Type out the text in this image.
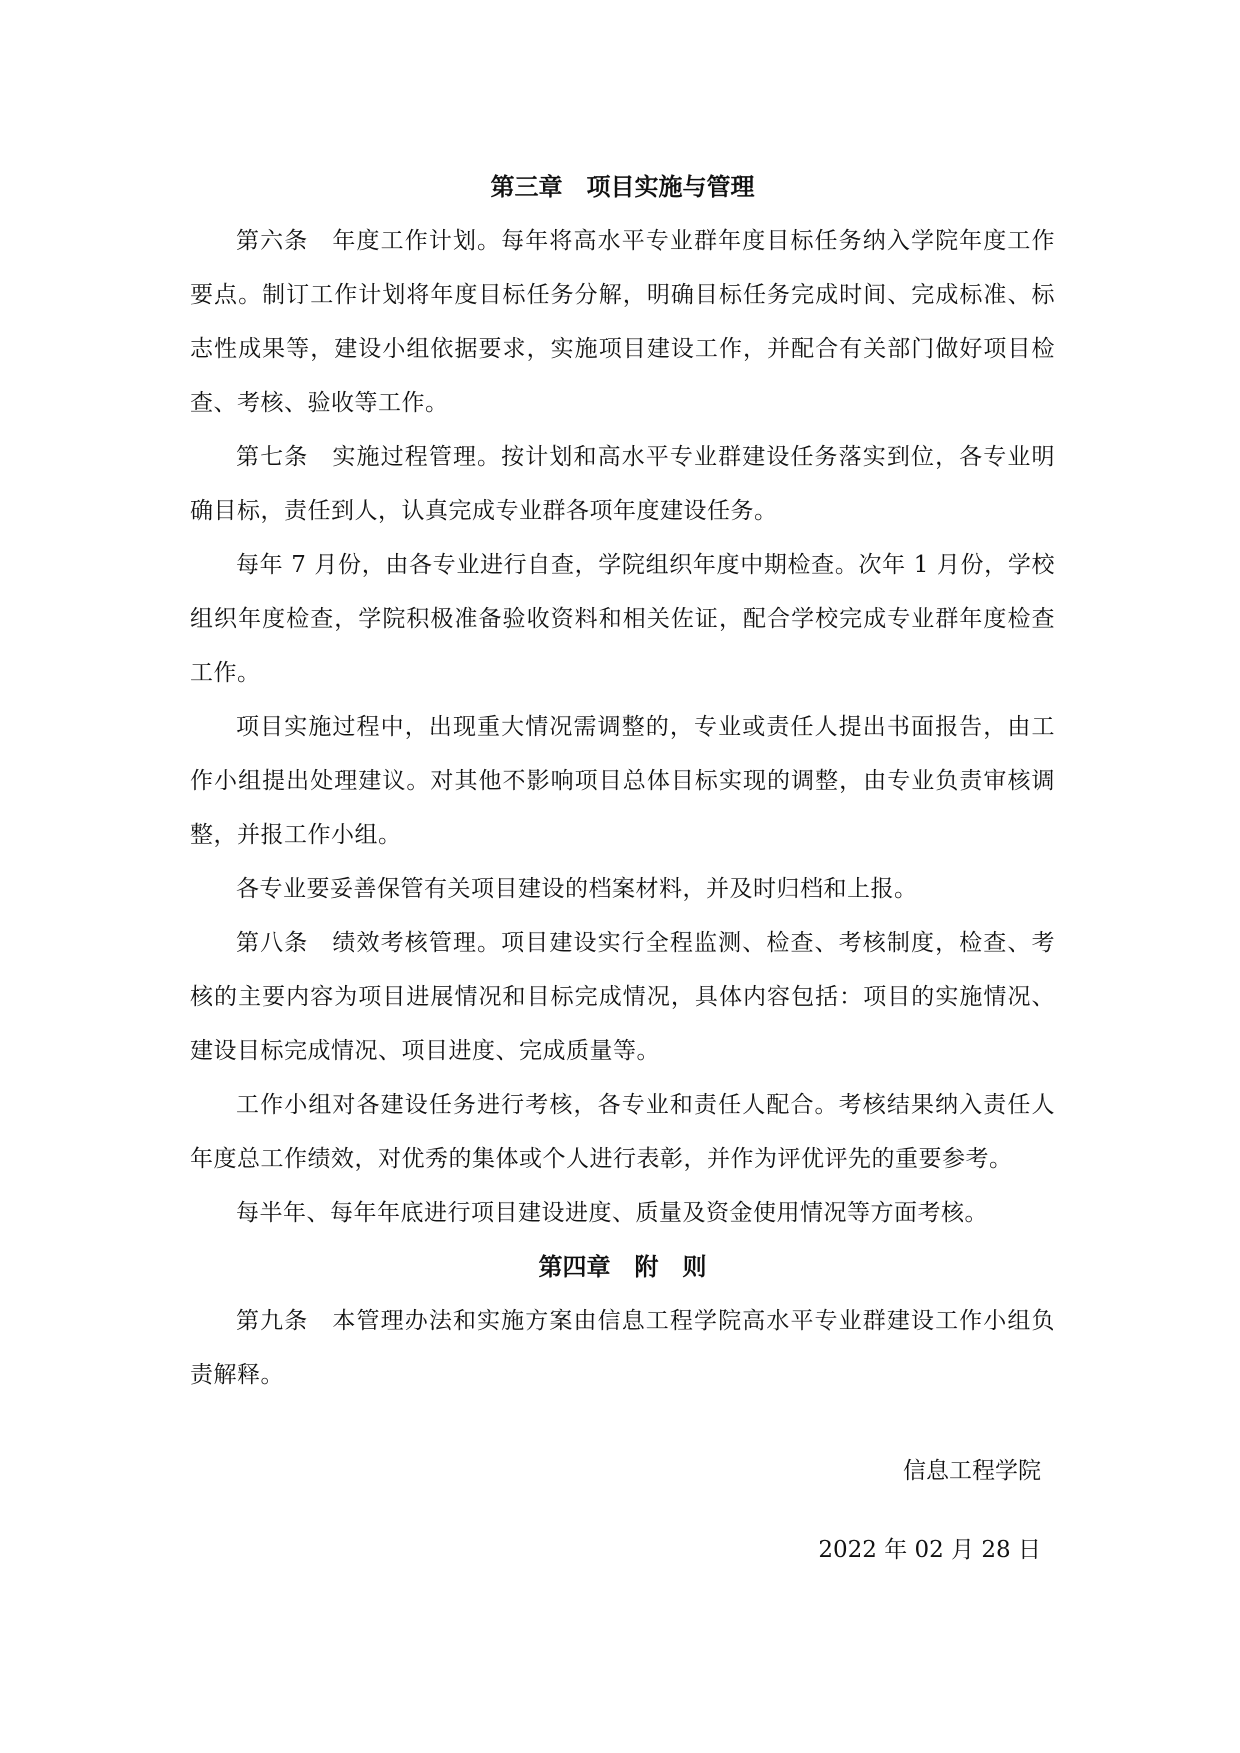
第三章　项目实施与管理

第六条　年度工作计划。每年将高水平专业群年度目标任务纳入学院年度工作要点。制订工作计划将年度目标任务分解，明确目标任务完成时间、完成标准、标志性成果等，建设小组依据要求，实施项目建设工作，并配合有关部门做好项目检查、考核、验收等工作。

第七条　实施过程管理。按计划和高水平专业群建设任务落实到位，各专业明确目标，责任到人，认真完成专业群各项年度建设任务。

每年 7 月份，由各专业进行自查，学院组织年度中期检查。次年 1 月份，学校组织年度检查，学院积极准备验收资料和相关佐证，配合学校完成专业群年度检查工作。

项目实施过程中，出现重大情况需调整的，专业或责任人提出书面报告，由工作小组提出处理建议。对其他不影响项目总体目标实现的调整，由专业负责审核调整，并报工作小组。

各专业要妥善保管有关项目建设的档案材料，并及时归档和上报。

第八条　绩效考核管理。项目建设实行全程监测、检查、考核制度，检查、考核的主要内容为项目进展情况和目标完成情况，具体内容包括：项目的实施情况、建设目标完成情况、项目进度、完成质量等。

工作小组对各建设任务进行考核，各专业和责任人配合。考核结果纳入责任人年度总工作绩效，对优秀的集体或个人进行表彰，并作为评优评先的重要参考。

每半年、每年年底进行项目建设进度、质量及资金使用情况等方面考核。

第四章　附　则

第九条　本管理办法和实施方案由信息工程学院高水平专业群建设工作小组负责解释。

信息工程学院

2022 年 02 月 28 日
